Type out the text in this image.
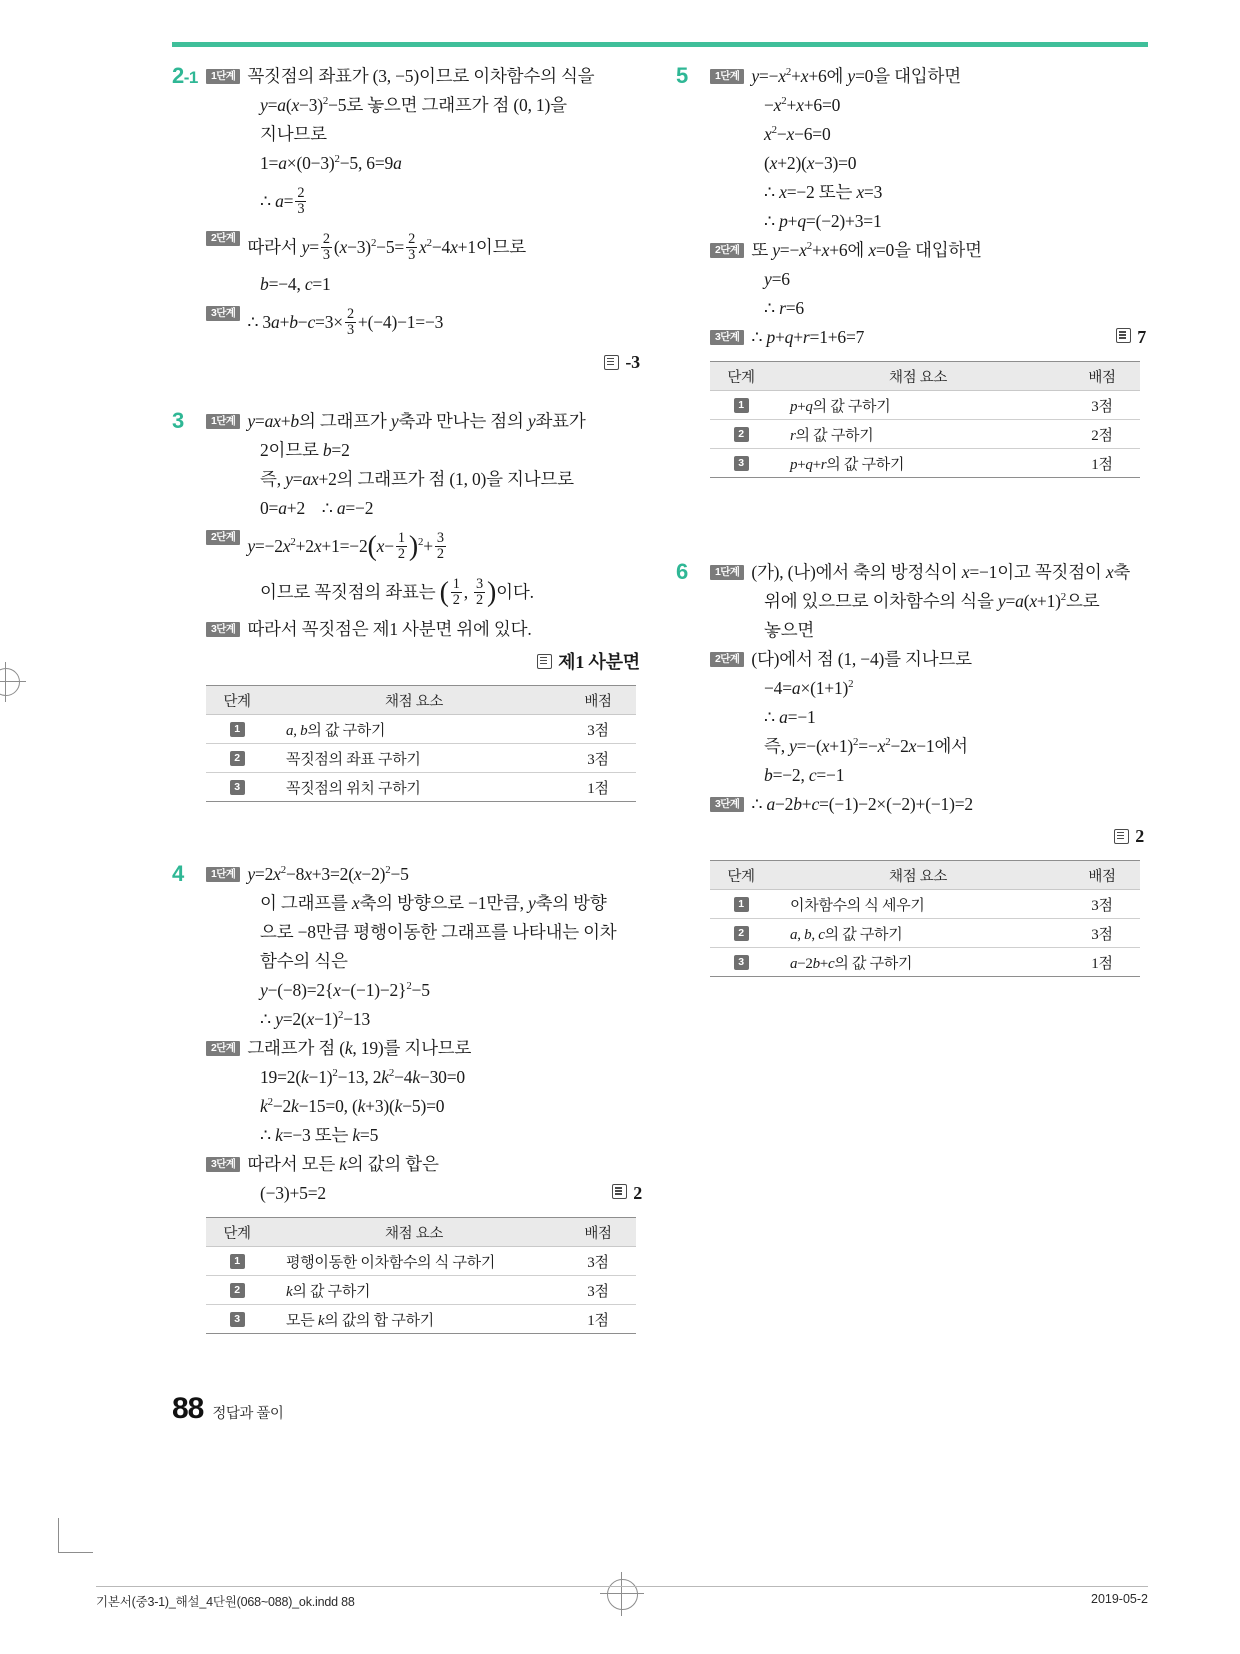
2-1	1단계 꼭짓점의 좌표가 (3, −5)이므로 이차함수의 식을
$y=a(x-3)^2-5$로 놓으면 그래프가 점 (0, 1)을
지나므로
$1=a\times(0-3)^2-5$, 6=9a
∴ $a= \frac{2}{3}$
2단계 따라서 $y= \frac{2}{3} (x-3)^2-5= \frac{2}{3} x^2-4x+1$이므로
b=−4, c=1
3단계 ∴ $3a+b-c=3\times \frac{2}{3} +(-4)-1=-3$
-3
3	1단계 y=ax+b의 그래프가 y축과 만나는 점의 y좌표가
2이므로 b=2
즉, y=ax+2의 그래프가 점 (1, 0)을 지나므로
0=a+2    ∴ a=−2
2단계 $y=-2x^2+2x+1=-2(x- \frac{1}{2} )^2+ \frac{3}{2}$
이므로 꼭짓점의 좌표는 ( $\frac{1}{2}$ , $\frac{3}{2}$ )이다.
3단계 따라서 꼭짓점은 제1 사분면 위에 있다.
제1 사분면
단계	채점 요소	배점
1	a, b의 값 구하기	3점
2	꼭짓점의 좌표 구하기	3점
3	꼭짓점의 위치 구하기	1점
4	1단계 $y=2x^2-8x+3=2(x-2)^2-5$
이 그래프를 x축의 방향으로 −1만큼, y축의 방향
으로 −8만큼 평행이동한 그래프를 나타내는 이차
함수의 식은
$y-(-8)=2\{x-(-1)-2\}^2-5$
∴ $y=2(x-1)^2-13$
2단계 그래프가 점 (k, 19)를 지나므로
$19=2(k-1)^2-13$, $2k^2-4k-30=0$
$k^2-2k-15=0$, (k+3)(k−5)=0
∴ k=−3 또는 k=5
3단계 따라서 모든 k의 값의 합은
(−3)+5=2	2
단계	채점 요소	배점
1	평행이동한 이차함수의 식 구하기	3점
2	k의 값 구하기	3점
3	모든 k의 값의 합 구하기	1점
5	1단계 $y=-x^2+x+6$에 y=0을 대입하면
$-x^2+x+6=0$
$x^2-x-6=0$
(x+2)(x−3)=0
∴ x=−2 또는 x=3
∴ p+q=(−2)+3=1
2단계 또 $y=-x^2+x+6$에 x=0을 대입하면
y=6
∴ r=6
3단계 ∴ p+q+r=1+6=7	7
단계	채점 요소	배점
1	p+q의 값 구하기	3점
2	r의 값 구하기	2점
3	p+q+r의 값 구하기	1점
6	1단계 (가), (나)에서 축의 방정식이 x=−1이고 꼭짓점이 x축
위에 있으므로 이차함수의 식을 $y=a(x+1)^2$으로
놓으면
2단계 (다)에서 점 (1, −4)를 지나므로
$-4=a\times(1+1)^2$
∴ a=−1
즉, $y=-(x+1)^2=-x^2-2x-1$에서
b=−2, c=−1
3단계 ∴ a−2b+c=(−1)−2×(−2)+(−1)=2
2
단계	채점 요소	배점
1	이차함수의 식 세우기	3점
2	a, b, c의 값 구하기	3점
3	a−2b+c의 값 구하기	1점
88 정답과 풀이
기본서(중3-1)_해설_4단원(068~088)_ok.indd 88	2019-05-2
